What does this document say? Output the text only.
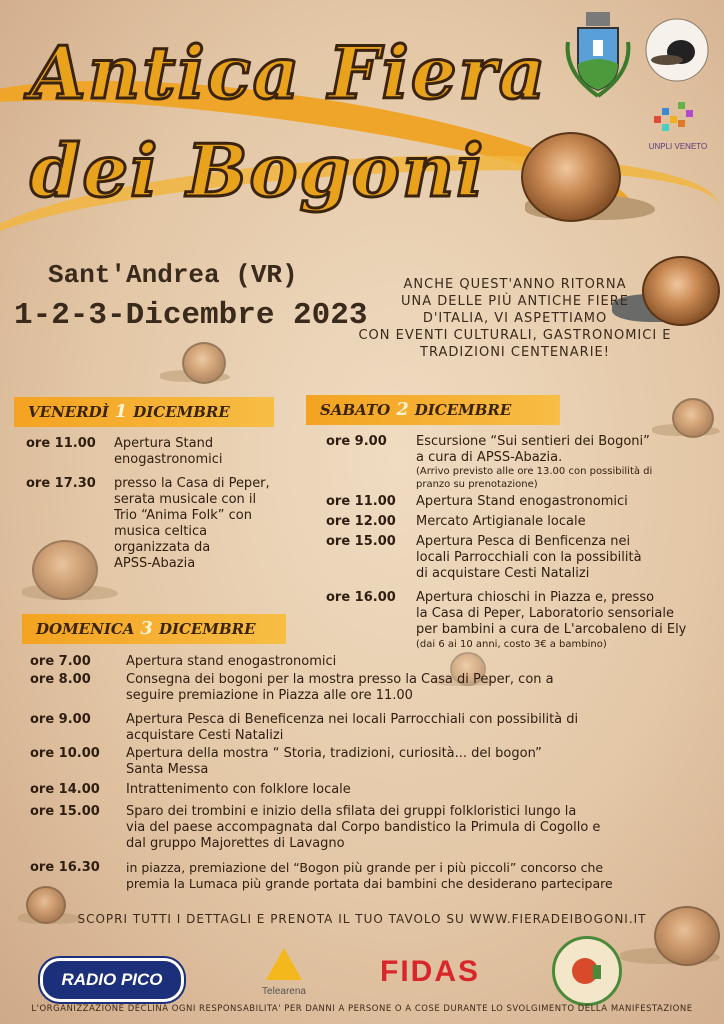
Antica Fiera
dei Bogoni	UNPLI VENETO
Sant'Andrea (VR)
1-2-3-Dicembre 2023
ANCHE QUEST'ANNO RITORNA
UNA DELLE PIÙ ANTICHE FIERE
D'ITALIA, VI ASPETTIAMO
CON EVENTI CULTURALI, GASTRONOMICI E
TRADIZIONI CENTENARIE!
VENERDÌ 1 DICEMBRE
ore 11.00 Apertura Stand
enogastronomici
ore 17.30 presso la Casa di Peper,
serata musicale con il
Trio “Anima Folk” con
musica celtica
organizzata da
APSS-Abazia
SABATO 2 DICEMBRE
ore 9.00 Escursione “Sui sentieri dei Bogoni”
a cura di APSS-Abazia.
(Arrivo previsto alle ore 13.00 con possibilità di
pranzo su prenotazione)
ore 11.00 Apertura Stand enogastronomici
ore 12.00 Mercato Artigianale locale
ore 15.00 Apertura Pesca di Benficenza nei
locali Parrocchiali con la possibilità
di acquistare Cesti Natalizi
ore 16.00 Apertura chioschi in Piazza e, presso
la Casa di Peper, Laboratorio sensoriale
per bambini a cura de L'arcobaleno di Ely
(dai 6 ai 10 anni, costo 3€ a bambino)
DOMENICA 3 DICEMBRE
ore 7.00	Apertura stand enogastronomici
ore 8.00	Consegna dei bogoni per la mostra presso la Casa di Peper, con a
seguire premiazione in Piazza alle ore 11.00
ore 9.00	Apertura Pesca di Beneficenza nei locali Parrocchiali con possibilità di
acquistare Cesti Natalizi
ore 10.00 Apertura della mostra “ Storia, tradizioni, curiosità... del bogon”
Santa Messa
ore 14.00 Intrattenimento con folklore locale
ore 15.00 Sparo dei trombini e inizio della sfilata dei gruppi folkloristici lungo la
via del paese accompagnata dal Corpo bandistico la Primula di Cogollo e
dal gruppo Majorettes di Lavagno
ore 16.30 in piazza, premiazione del “Bogon più grande per i più piccoli” concorso che
premia la Lumaca più grande portata dai bambini che desiderano partecipare
SCOPRI TUTTI I DETTAGLI E PRENOTA IL TUO TAVOLO SU WWW.FIERADEIBOGONI.IT
RADIO PICO
Telearena
FIDAS
L'ORGANIZZAZIONE DECLINA OGNI RESPONSABILITA' PER DANNI A PERSONE O A COSE DURANTE LO SVOLGIMENTO DELLA MANIFESTAZIONE
